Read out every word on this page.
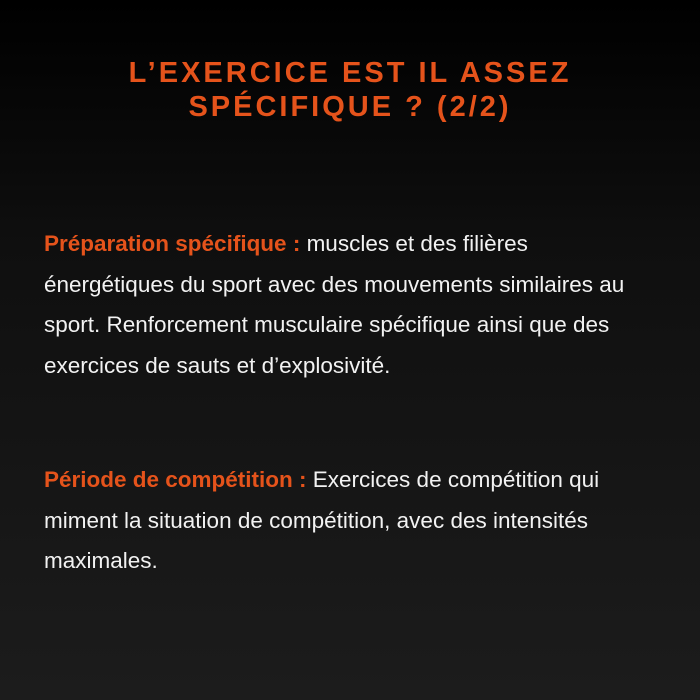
L’EXERCICE EST IL ASSEZ
SPÉCIFIQUE ? (2/2)

Préparation spécifique : muscles et des filières énergétiques du sport avec des mouvements similaires au sport. Renforcement musculaire spécifique ainsi que des exercices de sauts et d’explosivité.

Période de compétition : Exercices de compétition qui miment la situation de compétition, avec des intensités maximales.
